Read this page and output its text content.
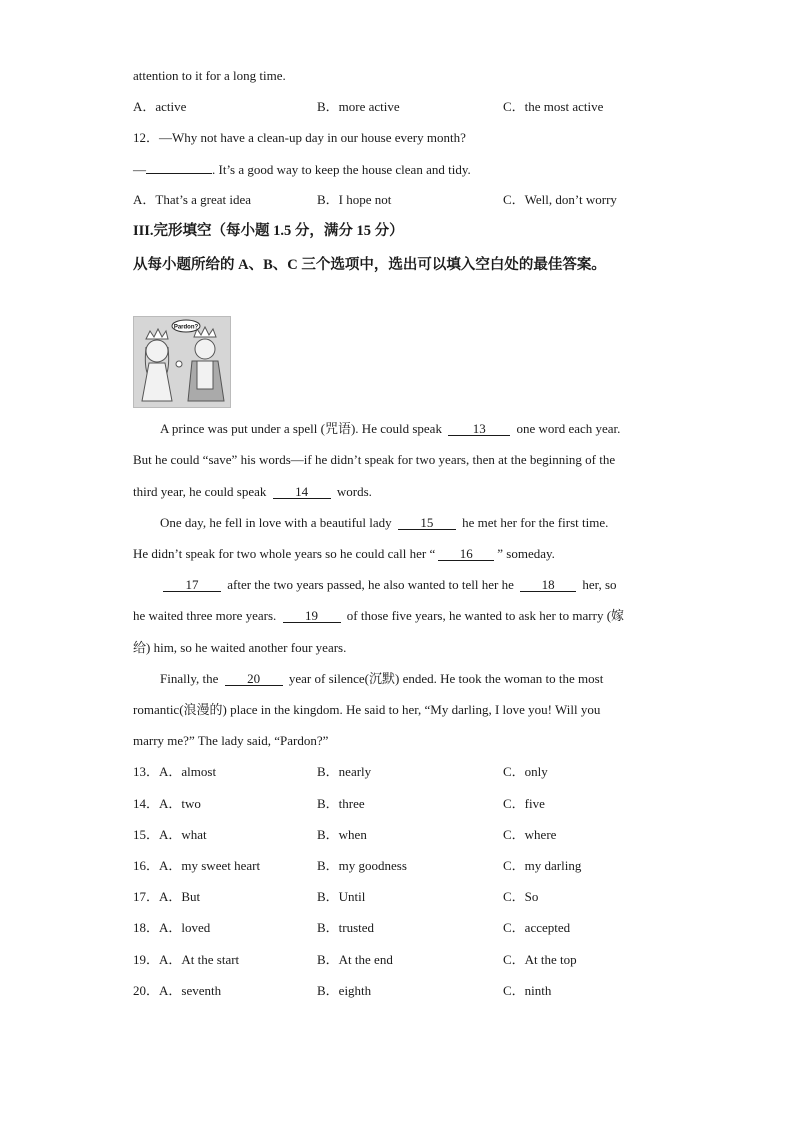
attention to it for a long time.
A．active	B．more active	C．the most active
12．—Why not have a clean-up day in our house every month?
—	. It’s a good way to keep the house clean and tidy.
A．That’s a great idea	B．I hope not	C．Well, don’t worry
III.完形填空（每小题 1.5 分，满分 15 分）
从每小题所给的 A、B、C 三个选项中，选出可以填入空白处的最佳答案。
Pardon?
A prince was put under a spell (咒语). He could speak 13 one word each year.
But he could “save” his words—if he didn’t speak for two years, then at the beginning of the
third year, he could speak 14 words.
One day, he fell in love with a beautiful lady 15 he met her for the first time.
He didn’t speak for two whole years so he could call her “ 16 ” someday.
17 after the two years passed, he also wanted to tell her he 18 her, so
he waited three more years. 19 of those five years, he wanted to ask her to marry (嫁
给) him, so he waited another four years.
Finally, the 20 year of silence(沉默) ended. He took the woman to the most
romantic(浪漫的) place in the kingdom. He said to her, “My darling, I love you! Will you
marry me?” The lady said, “Pardon?”
13．A．almost	B．nearly	C．only
14．A．two	B．three	C．five
15．A．what	B．when	C．where
16．A．my sweet heart	B．my goodness	C．my darling
17．A．But	B．Until	C．So
18．A．loved	B．trusted	C．accepted
19．A．At the start	B．At the end	C．At the top
20．A．seventh	B．eighth	C．ninth
